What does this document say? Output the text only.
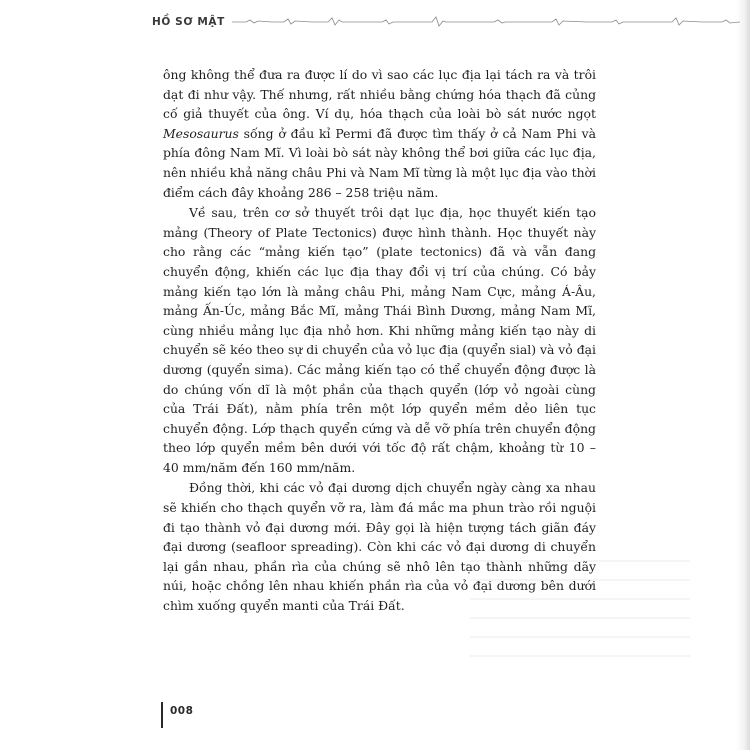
HỒ SƠ MẬT

ông không thể đưa ra được lí do vì sao các lục địa lại tách ra và trôi dạt đi như vậy. Thế nhưng, rất nhiều bằng chứng hóa thạch đã củng cố giả thuyết của ông. Ví dụ, hóa thạch của loài bò sát nước ngọt Mesosaurus sống ở đầu kỉ Permi đã được tìm thấy ở cả Nam Phi và phía đông Nam Mĩ. Vì loài bò sát này không thể bơi giữa các lục địa, nên nhiều khả năng châu Phi và Nam Mĩ từng là một lục địa vào thời điểm cách đây khoảng 286 – 258 triệu năm.

Về sau, trên cơ sở thuyết trôi dạt lục địa, học thuyết kiến tạo mảng (Theory of Plate Tectonics) được hình thành. Học thuyết này cho rằng các “mảng kiến tạo” (plate tectonics) đã và vẫn đang chuyển động, khiến các lục địa thay đổi vị trí của chúng. Có bảy mảng kiến tạo lớn là mảng châu Phi, mảng Nam Cực, mảng Á-Âu, mảng Ấn-Úc, mảng Bắc Mĩ, mảng Thái Bình Dương, mảng Nam Mĩ, cùng nhiều mảng lục địa nhỏ hơn. Khi những mảng kiến tạo này di chuyển sẽ kéo theo sự di chuyển của vỏ lục địa (quyển sial) và vỏ đại dương (quyển sima). Các mảng kiến tạo có thể chuyển động được là do chúng vốn dĩ là một phần của thạch quyển (lớp vỏ ngoài cùng của Trái Đất), nằm phía trên một lớp quyển mềm dẻo liên tục chuyển động. Lớp thạch quyển cứng và dễ vỡ phía trên chuyển động theo lớp quyển mềm bên dưới với tốc độ rất chậm, khoảng từ 10 – 40 mm/năm đến 160 mm/năm.

Đồng thời, khi các vỏ đại dương dịch chuyển ngày càng xa nhau sẽ khiến cho thạch quyển vỡ ra, làm đá mắc ma phun trào rồi nguội đi tạo thành vỏ đại dương mới. Đây gọi là hiện tượng tách giãn đáy đại dương (seafloor spreading). Còn khi các vỏ đại dương di chuyển lại gần nhau, phần rìa của chúng sẽ nhô lên tạo thành những dãy núi, hoặc chồng lên nhau khiến phần rìa của vỏ đại dương bên dưới chìm xuống quyển manti của Trái Đất.

008
